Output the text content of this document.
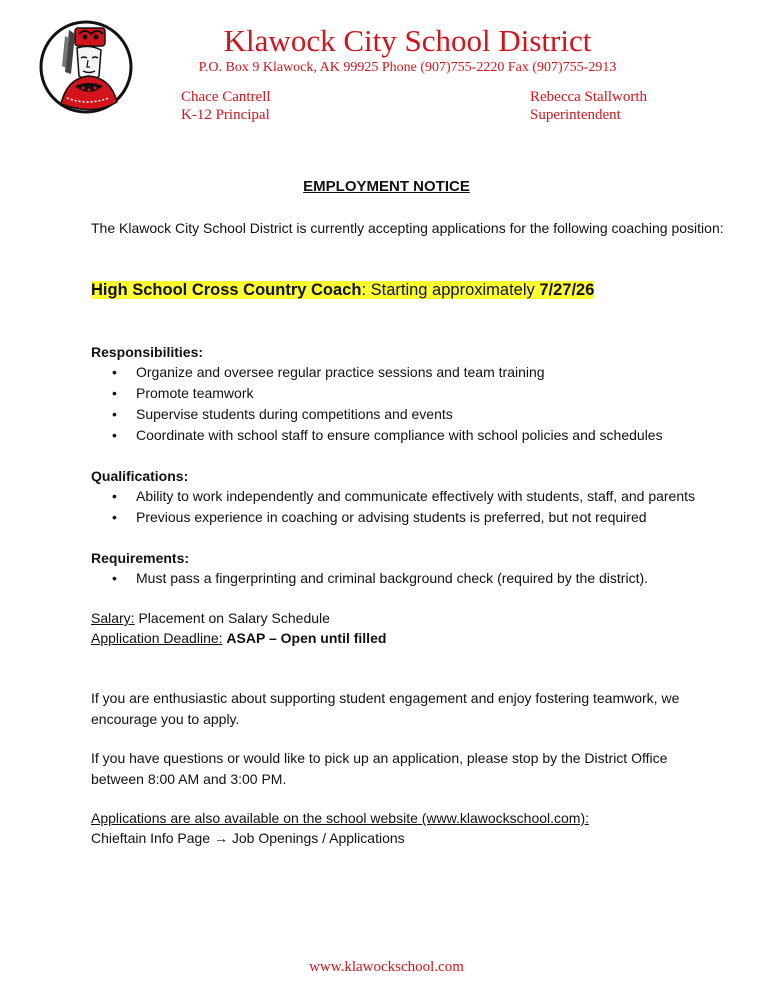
Klawock City School District
P.O. Box 9 Klawock, AK 99925 Phone (907)755-2220 Fax (907)755-2913
Chace Cantrell
K-12 Principal
Rebecca Stallworth
Superintendent
EMPLOYMENT NOTICE
The Klawock City School District is currently accepting applications for the following coaching position:
High School Cross Country Coach: Starting approximately 7/27/26
Responsibilities:
• Organize and oversee regular practice sessions and team training
• Promote teamwork
• Supervise students during competitions and events
• Coordinate with school staff to ensure compliance with school policies and schedules
Qualifications:
• Ability to work independently and communicate effectively with students, staff, and parents
• Previous experience in coaching or advising students is preferred, but not required
Requirements:
• Must pass a fingerprinting and criminal background check (required by the district).
Salary: Placement on Salary Schedule
Application Deadline: ASAP – Open until filled
If you are enthusiastic about supporting student engagement and enjoy fostering teamwork, we encourage you to apply.
If you have questions or would like to pick up an application, please stop by the District Office between 8:00 AM and 3:00 PM.
Applications are also available on the school website (www.klawockschool.com):
Chieftain Info Page → Job Openings / Applications
www.klawockschool.com
